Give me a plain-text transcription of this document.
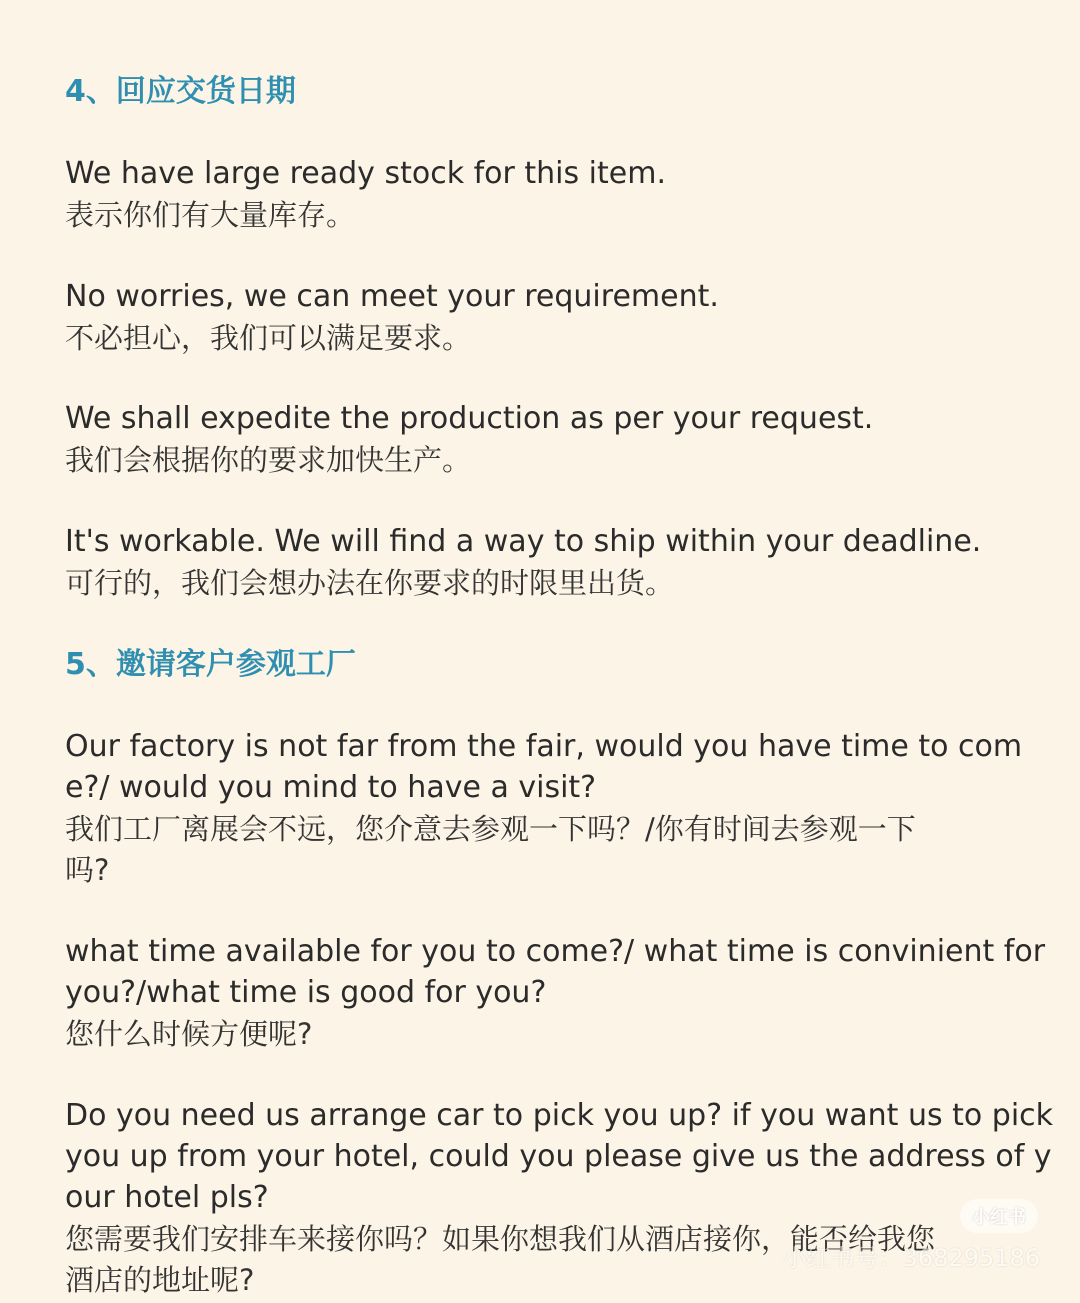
4、回应交货日期
We have large ready stock for this item.
表示你们有大量库存。
No worries, we can meet your requirement.
不必担心，我们可以满足要求。
We shall expedite the production as per your request.
我们会根据你的要求加快生产。
It's workable. We will find a way to ship within your deadline.
可行的，我们会想办法在你要求的时限里出货。
5、邀请客户参观工厂
Our factory is not far from the fair, would you have time to com
e?/ would you mind to have a visit?
我们工厂离展会不远，您介意去参观一下吗？/你有时间去参观一下
吗?
what time available for you to come?/ what time is convinient for
you?/what time is good for you?
您什么时候方便呢?
Do you need us arrange car to pick you up? if you want us to pick
you up from your hotel, could you please give us the address of y
our hotel pls?
您需要我们安排车来接你吗？如果你想我们从酒店接你，能否给我您
酒店的地址呢?
小红书
小红书号：368295186
